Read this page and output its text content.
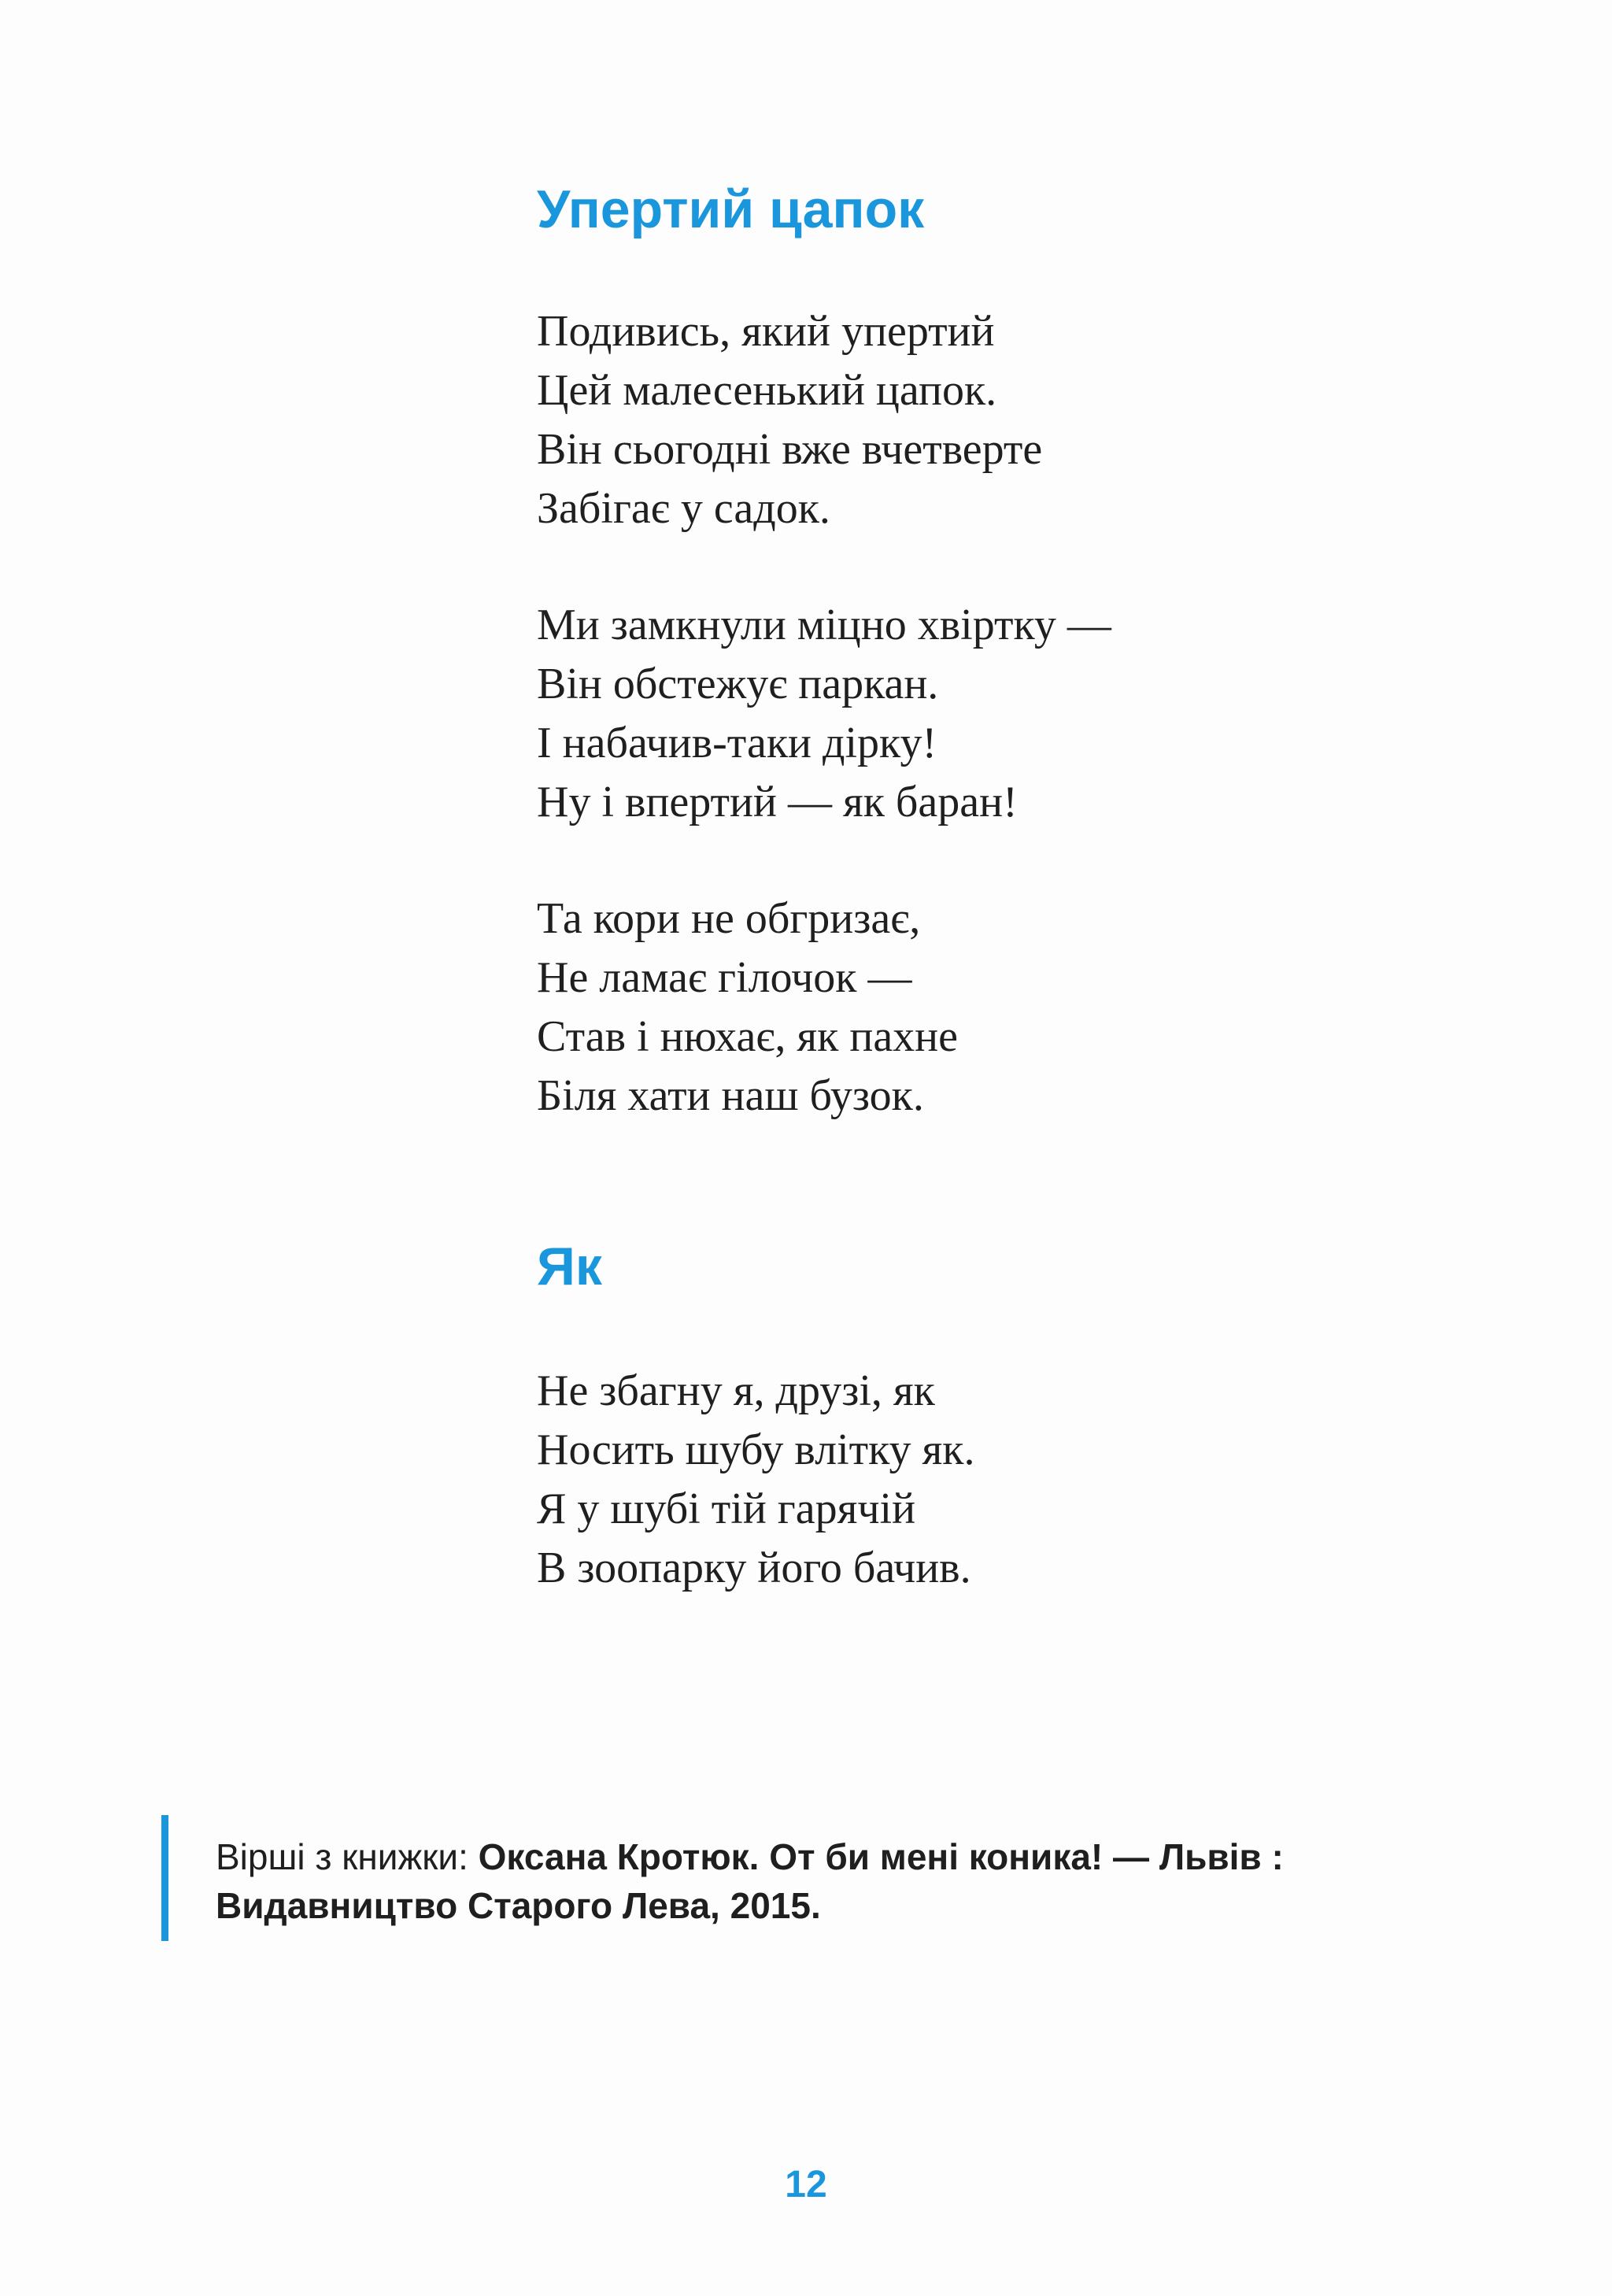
Упертий цапок

Подивись, який упертий
Цей малесенький цапок.
Він сьогодні вже вчетверте
Забігає у садок.

Ми замкнули міцно хвіртку —
Він обстежує паркан.
І набачив-таки дірку!
Ну і впертий — як баран!

Та кори не обгризає,
Не ламає гілочок —
Став і нюхає, як пахне
Біля хати наш бузок.

Як

Не збагну я, друзі, як
Носить шубу влітку як.
Я у шубі тій гарячій
В зоопарку його бачив.

Вірші з книжки: Оксана Кротюк. От би мені коника! — Львів : Видавництво Старого Лева, 2015.

12
